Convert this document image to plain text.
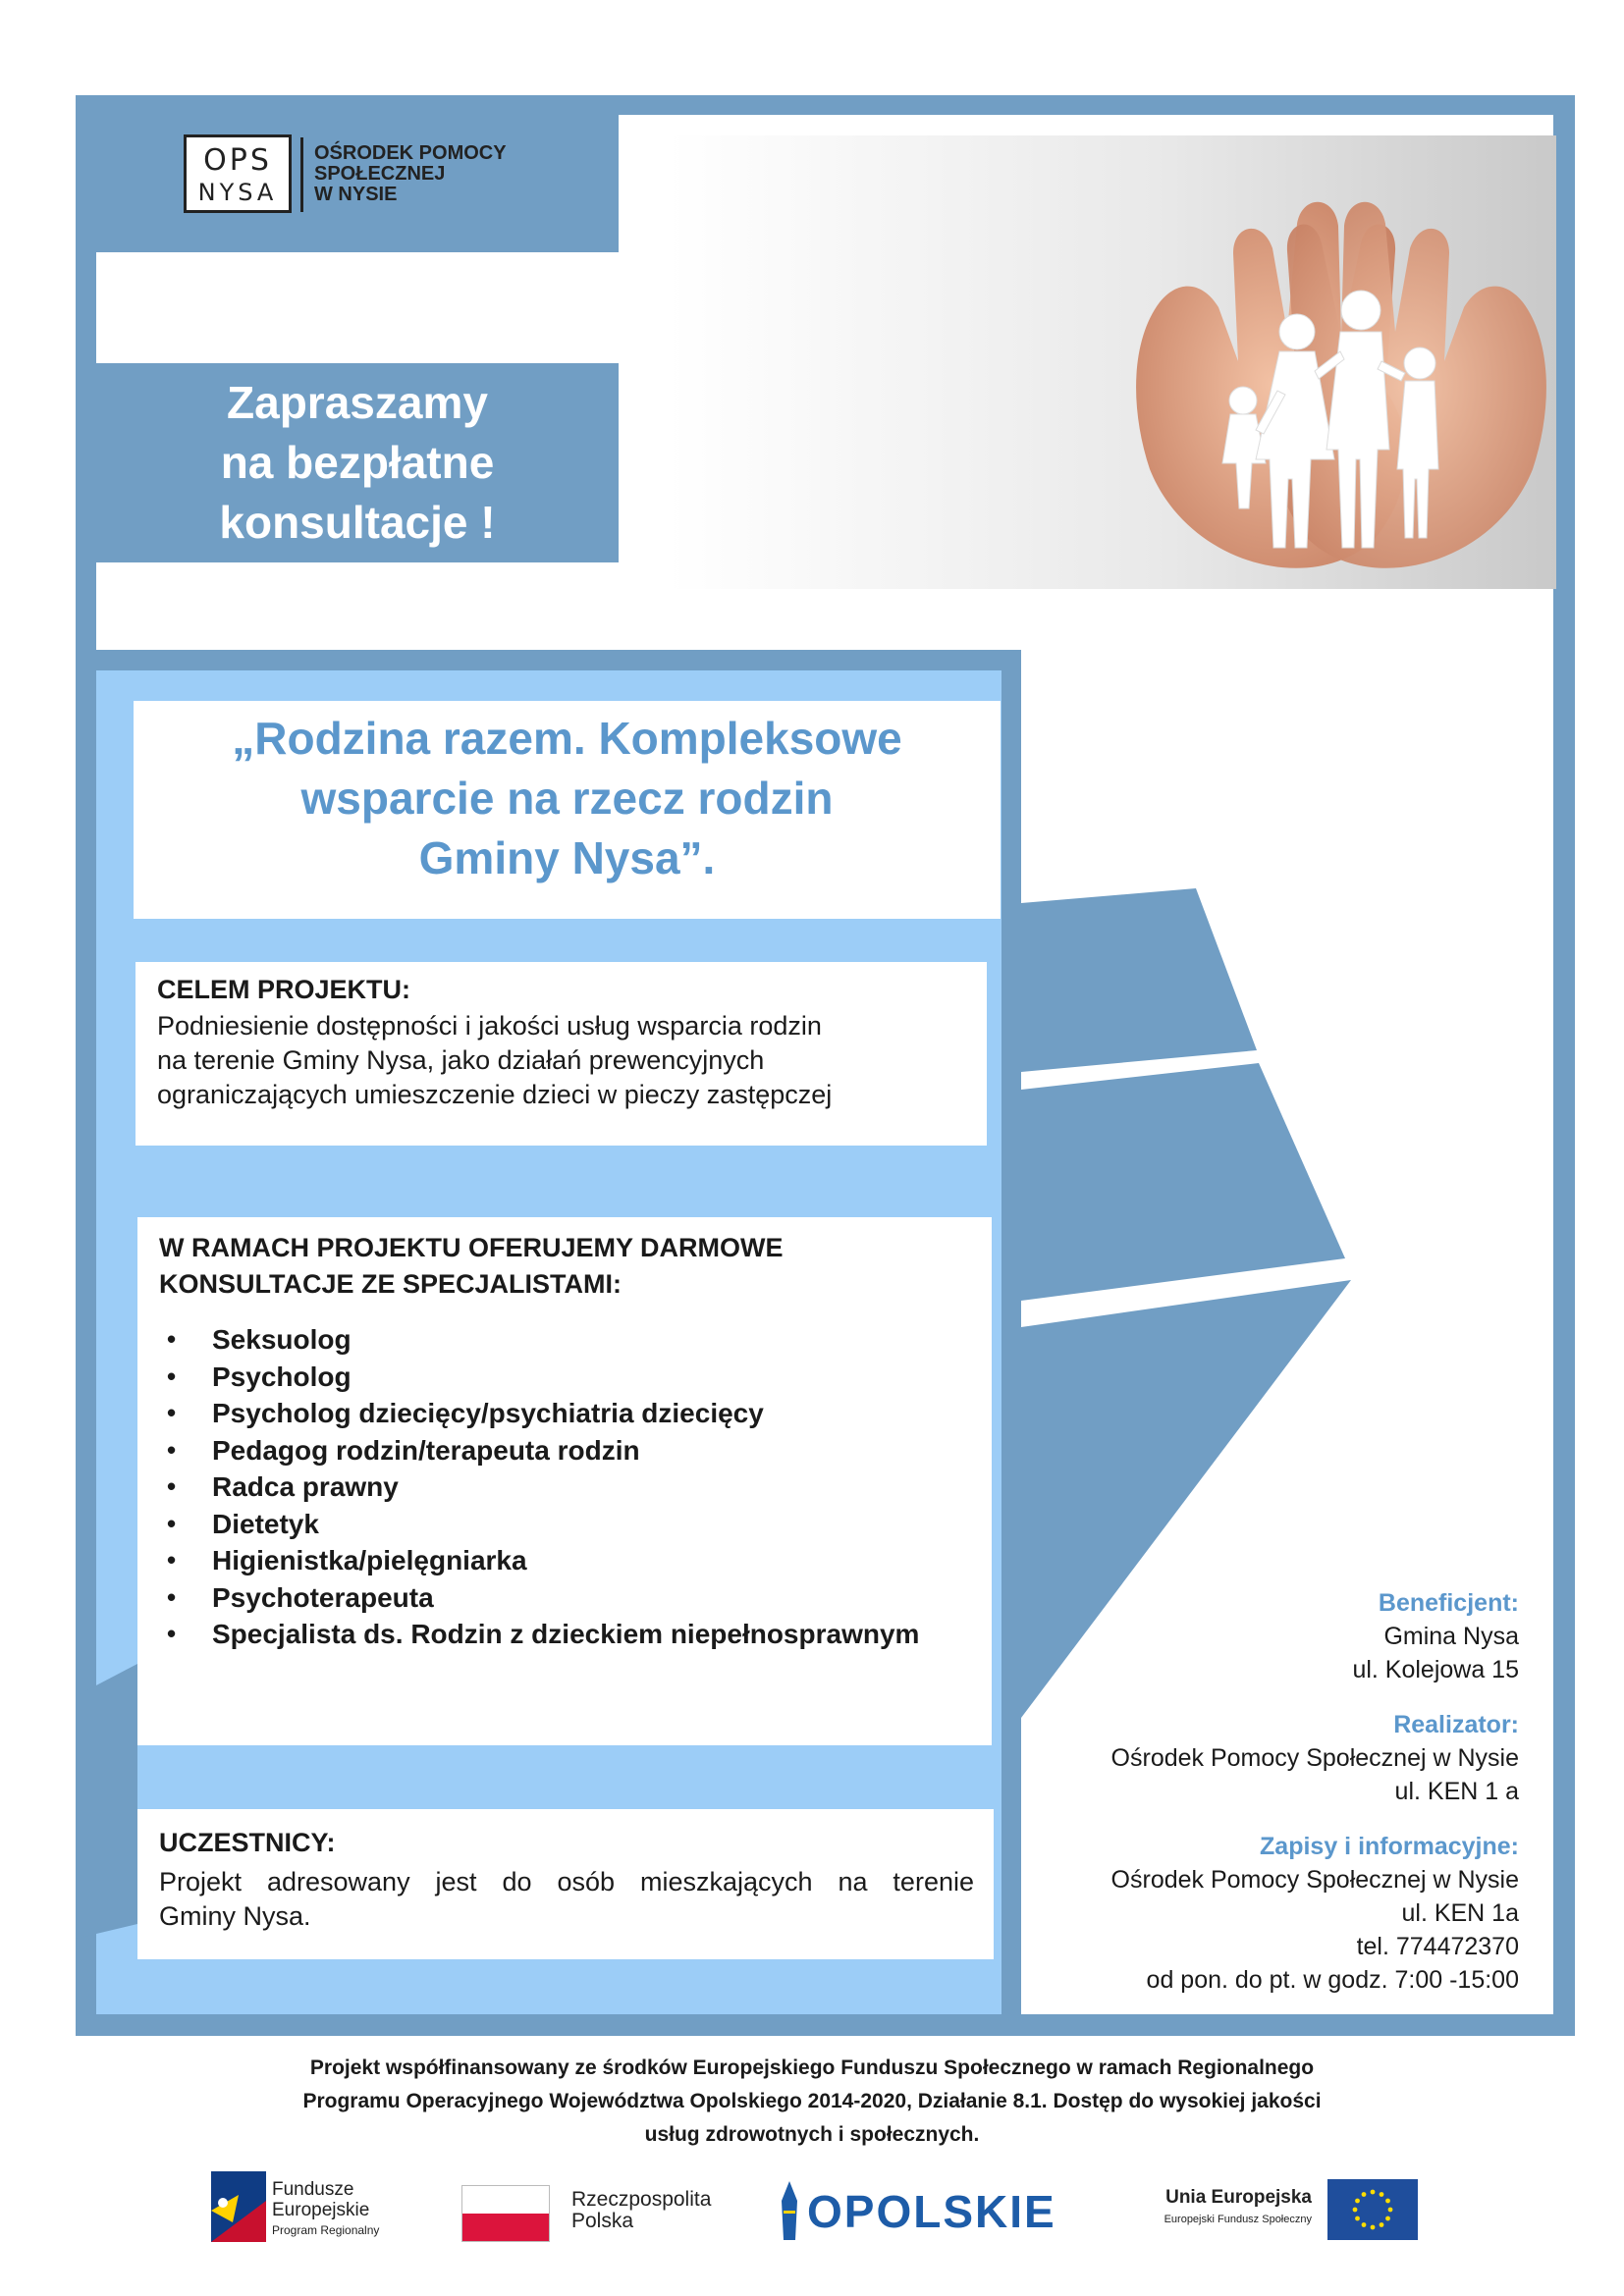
OPS
NYSA
OŚRODEK POMOCY
SPOŁECZNEJ
W NYSIE
Zapraszamy
na bezpłatne
konsultacje !
„Rodzina razem. Kompleksowe
wsparcie na rzecz rodzin
Gminy Nysa”.
CELEM PROJEKTU:
Podniesienie dostępności i jakości usług wsparcia rodzin
na terenie Gminy Nysa, jako działań prewencyjnych
ograniczających umieszczenie dzieci w pieczy zastępczej
W RAMACH PROJEKTU OFERUJEMY DARMOWE
KONSULTACJE ZE SPECJALISTAMI:
• Seksuolog
• Psycholog
• Psycholog dziecięcy/psychiatria dziecięcy
• Pedagog rodzin/terapeuta rodzin
• Radca prawny
• Dietetyk
• Higienistka/pielęgniarka
• Psychoterapeuta
• Specjalista ds. Rodzin z dzieckiem niepełnosprawnym
UCZESTNICY:
Projekt adresowany jest do osób mieszkających na terenie
Gminy Nysa.
Beneficjent:
Gmina Nysa
ul. Kolejowa 15
Realizator:
Ośrodek Pomocy Społecznej w Nysie
ul. KEN 1 a
Zapisy i informacyjne:
Ośrodek Pomocy Społecznej w Nysie
ul. KEN 1a
tel. 774472370
od pon. do pt. w godz. 7:00 -15:00
Projekt współfinansowany ze środków Europejskiego Funduszu Społecznego w ramach Regionalnego
Programu Operacyjnego Województwa Opolskiego 2014-2020, Działanie 8.1. Dostęp do wysokiej jakości
usług zdrowotnych i społecznych.
Fundusze
Europejskie
Program Regionalny
Rzeczpospolita
Polska	OPOLSKIE	Unia Europejska
Europejski Fundusz Społeczny
